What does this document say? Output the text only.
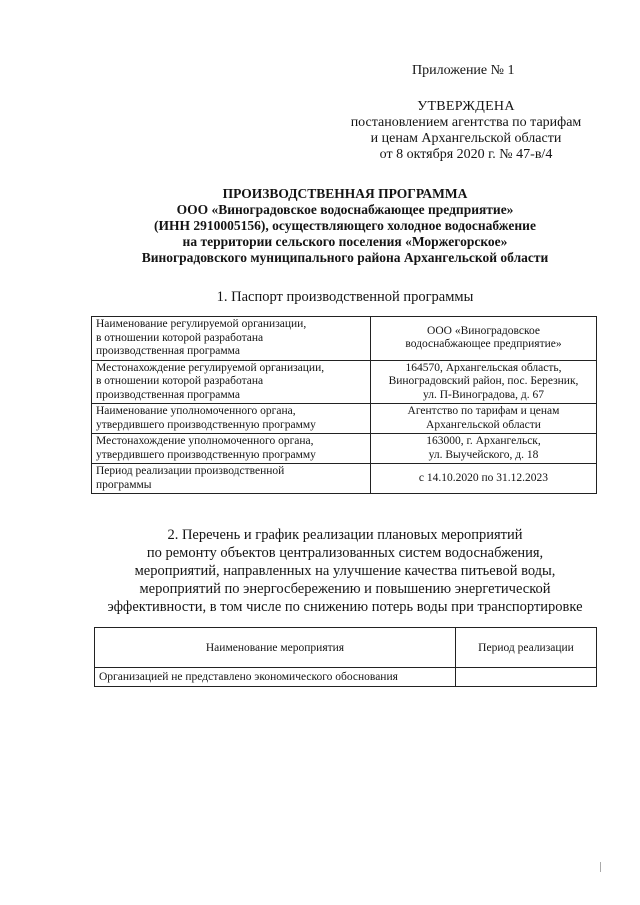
Приложение № 1
УТВЕРЖДЕНА
постановлением агентства по тарифам
и ценам Архангельской области
от 8 октября 2020 г. № 47-в/4
ПРОИЗВОДСТВЕННАЯ ПРОГРАММА
ООО «Виноградовское водоснабжающее предприятие»
(ИНН 2910005156), осуществляющего холодное водоснабжение
на территории сельского поселения «Моржегорское»
Виноградовского муниципального района Архангельской области
1. Паспорт производственной программы
Наименование регулируемой организации,
в отношении которой разработана
производственная программа	ООО «Виноградовское
водоснабжающее предприятие»
Местонахождение регулируемой организации,
в отношении которой разработана
производственная программа	164570, Архангельская область,
Виноградовский район, пос. Березник,
ул. П-Виноградова, д. 67
Наименование уполномоченного органа,
утвердившего производственную программу	Агентство по тарифам и ценам
Архангельской области
Местонахождение уполномоченного органа,
утвердившего производственную программу	163000, г. Архангельск,
ул. Выучейского, д. 18
Период реализации производственной
программы	с 14.10.2020 по 31.12.2023
2. Перечень и график реализации плановых мероприятий
по ремонту объектов централизованных систем водоснабжения,
мероприятий, направленных на улучшение качества питьевой воды,
мероприятий по энергосбережению и повышению энергетической
эффективности, в том числе по снижению потерь воды при транспортировке
Наименование мероприятия	Период реализации
Организацией не представлено экономического обоснования	
